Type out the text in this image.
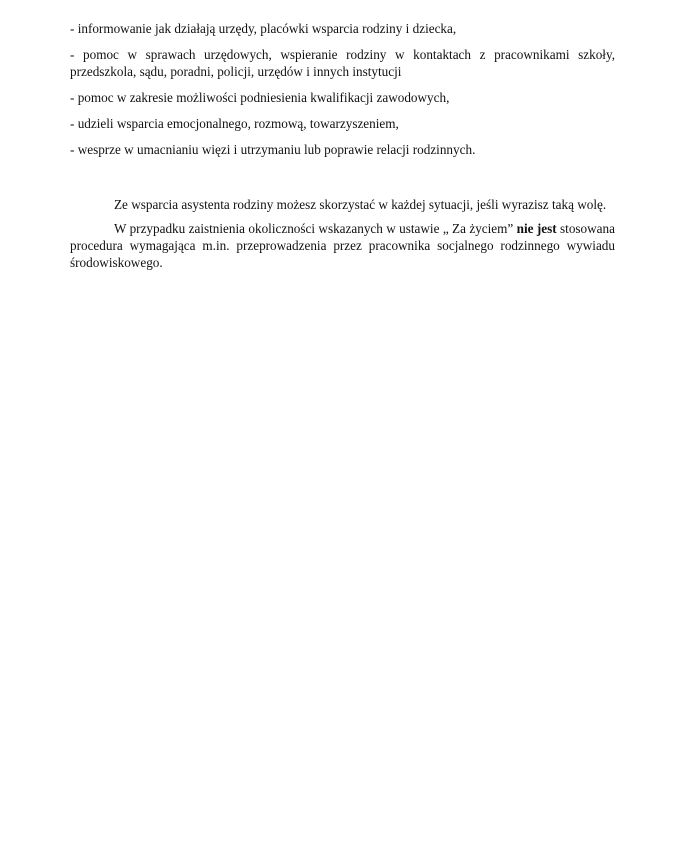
- informowanie jak działają urzędy, placówki wsparcia rodziny i dziecka,

- pomoc w sprawach urzędowych, wspieranie rodziny w kontaktach z pracownikami szkoły, przedszkola, sądu, poradni, policji, urzędów i innych instytucji

- pomoc w zakresie możliwości podniesienia kwalifikacji zawodowych,

- udzieli wsparcia emocjonalnego, rozmową, towarzyszeniem,

- wesprze w umacnianiu więzi i utrzymaniu lub poprawie relacji rodzinnych.

Ze wsparcia asystenta rodziny możesz skorzystać w każdej sytuacji, jeśli wyrazisz taką wolę.

W przypadku zaistnienia okoliczności wskazanych w ustawie „ Za życiem” nie jest stosowana procedura wymagająca m.in. przeprowadzenia przez pracownika socjalnego rodzinnego wywiadu środowiskowego.
